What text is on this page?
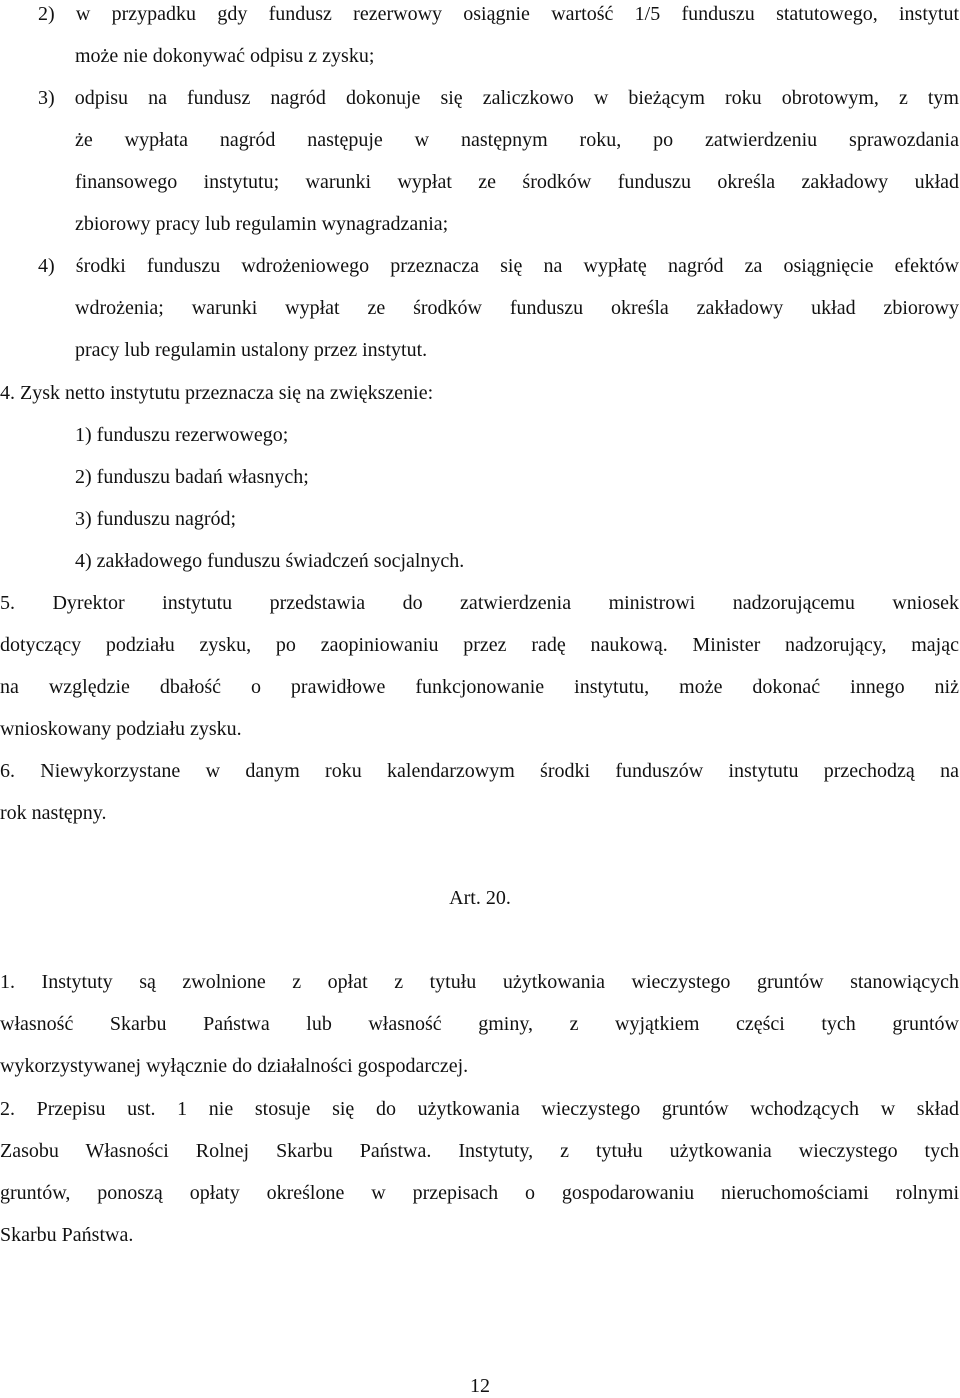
2) w przypadku gdy fundusz rezerwowy osiągnie wartość 1/5 funduszu statutowego, instytut
może nie dokonywać odpisu z zysku;
3) odpisu na fundusz nagród dokonuje się zaliczkowo w bieżącym roku obrotowym, z tym
że wypłata nagród następuje w następnym roku, po zatwierdzeniu sprawozdania
finansowego instytutu; warunki wypłat ze środków funduszu określa zakładowy układ
zbiorowy pracy lub regulamin wynagradzania;
4) środki funduszu wdrożeniowego przeznacza się na wypłatę nagród za osiągnięcie efektów
wdrożenia; warunki wypłat ze środków funduszu określa zakładowy układ zbiorowy
pracy lub regulamin ustalony przez instytut.
4. Zysk netto instytutu przeznacza się na zwiększenie:
1) funduszu rezerwowego;
2) funduszu badań własnych;
3) funduszu nagród;
4) zakładowego funduszu świadczeń socjalnych.
5. Dyrektor instytutu przedstawia do zatwierdzenia ministrowi nadzorującemu wniosek
dotyczący podziału zysku, po zaopiniowaniu przez radę naukową. Minister nadzorujący, mając
na względzie dbałość o prawidłowe funkcjonowanie instytutu, może dokonać innego niż
wnioskowany podziału zysku.
6. Niewykorzystane w danym roku kalendarzowym środki funduszów instytutu przechodzą na
rok następny.
Art. 20.
1. Instytuty są zwolnione z opłat z tytułu użytkowania wieczystego gruntów stanowiących
własność Skarbu Państwa lub własność gminy, z wyjątkiem części tych gruntów
wykorzystywanej wyłącznie do działalności gospodarczej.
2. Przepisu ust. 1 nie stosuje się do użytkowania wieczystego gruntów wchodzących w skład
Zasobu Własności Rolnej Skarbu Państwa. Instytuty, z tytułu użytkowania wieczystego tych
gruntów, ponoszą opłaty określone w przepisach o gospodarowaniu nieruchomościami rolnymi
Skarbu Państwa.
12
